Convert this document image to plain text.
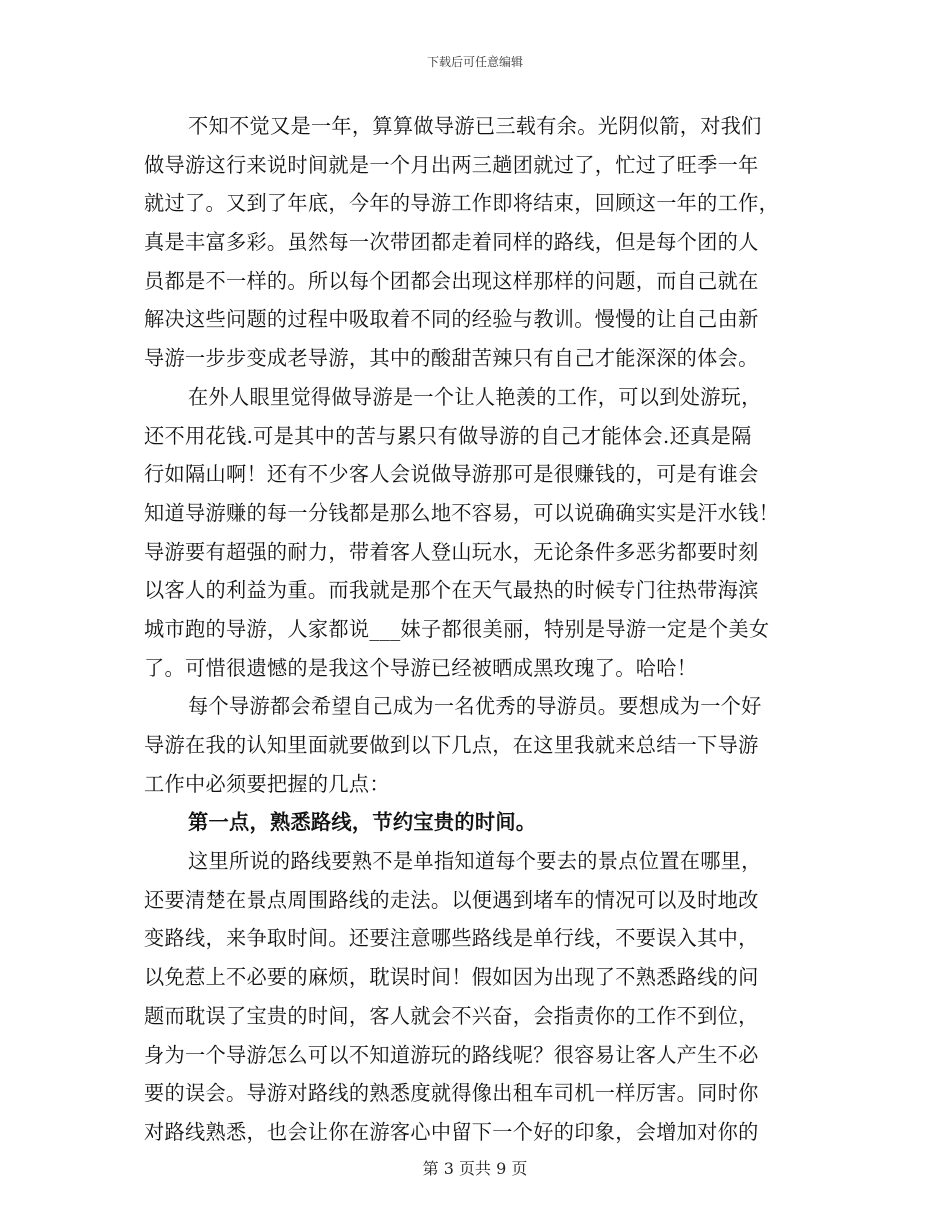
下载后可任意编辑
不知不觉又是一年，算算做导游已三载有余。光阴似箭，对我们
做导游这行来说时间就是一个月出两三趟团就过了，忙过了旺季一年
就过了。又到了年底，今年的导游工作即将结束，回顾这一年的工作，
真是丰富多彩。虽然每一次带团都走着同样的路线，但是每个团的人
员都是不一样的。所以每个团都会出现这样那样的问题，而自己就在
解决这些问题的过程中吸取着不同的经验与教训。慢慢的让自己由新
导游一步步变成老导游，其中的酸甜苦辣只有自己才能深深的体会。
在外人眼里觉得做导游是一个让人艳羡的工作，可以到处游玩，
还不用花钱.可是其中的苦与累只有做导游的自己才能体会.还真是隔
行如隔山啊！还有不少客人会说做导游那可是很赚钱的，可是有谁会
知道导游赚的每一分钱都是那么地不容易，可以说确确实实是汗水钱！
导游要有超强的耐力，带着客人登山玩水，无论条件多恶劣都要时刻
以客人的利益为重。而我就是那个在天气最热的时候专门往热带海滨
城市跑的导游，人家都说___妹子都很美丽，特别是导游一定是个美女
了。可惜很遗憾的是我这个导游已经被晒成黑玫瑰了。哈哈！
每个导游都会希望自己成为一名优秀的导游员。要想成为一个好
导游在我的认知里面就要做到以下几点，在这里我就来总结一下导游
工作中必须要把握的几点：
第一点，熟悉路线，节约宝贵的时间。
这里所说的路线要熟不是单指知道每个要去的景点位置在哪里，
还要清楚在景点周围路线的走法。以便遇到堵车的情况可以及时地改
变路线，来争取时间。还要注意哪些路线是单行线，不要误入其中，
以免惹上不必要的麻烦，耽误时间！假如因为出现了不熟悉路线的问
题而耽误了宝贵的时间，客人就会不兴奋，会指责你的工作不到位，
身为一个导游怎么可以不知道游玩的路线呢？很容易让客人产生不必
要的误会。导游对路线的熟悉度就得像出租车司机一样厉害。同时你
对路线熟悉，也会让你在游客心中留下一个好的印象，会增加对你的
第 3 页共 9 页
